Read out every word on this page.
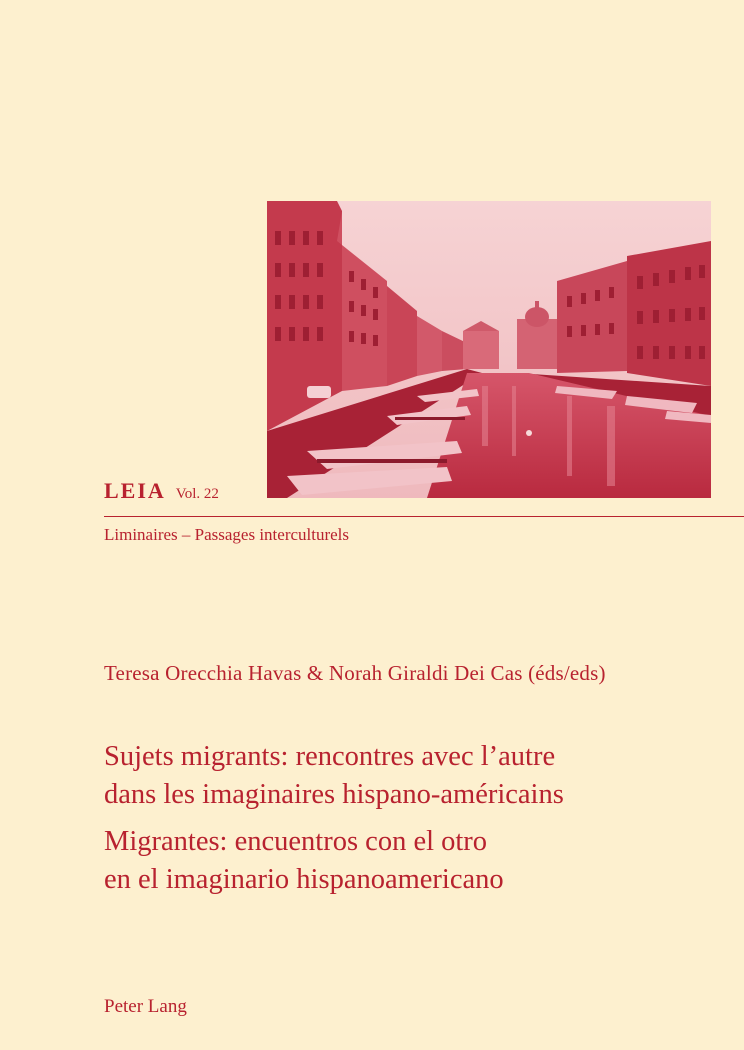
LEIA Vol. 22
Liminaires – Passages interculturels
Teresa Orecchia Havas & Norah Giraldi Dei Cas (éds/eds)
Sujets migrants: rencontres avec l’autre
dans les imaginaires hispano-américains
Migrantes: encuentros con el otro
en el imaginario hispanoamericano
Peter Lang
